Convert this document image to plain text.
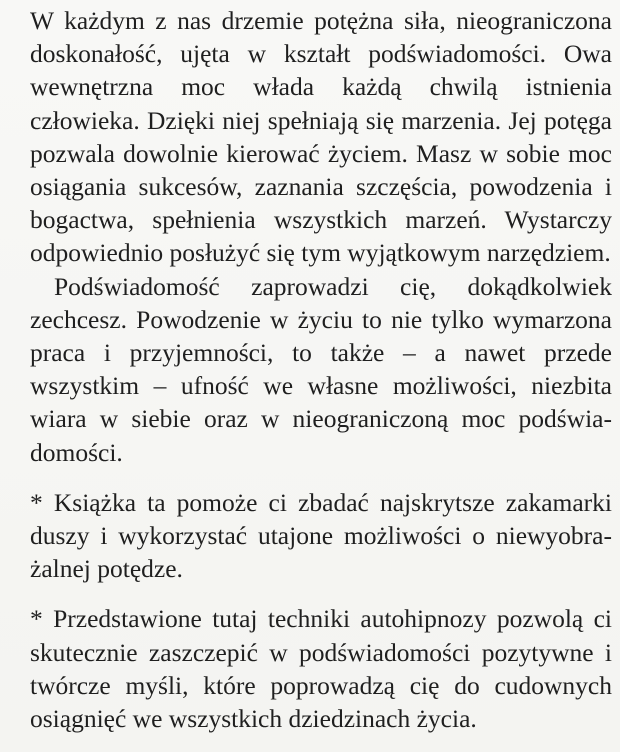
W każdym z nas drzemie potężna siła, nieograniczona doskonałość, ujęta w kształt podświadomości. Owa wewnętrzna moc włada każdą chwilą istnienia człowieka. Dzięki niej spełniają się marzenia. Jej potęga pozwala dowolnie kierować życiem. Masz w sobie moc osiągania sukcesów, zaznania szczęścia, powodzenia i bogactwa, spełnienia wszystkich marzeń. Wystarczy odpowiednio posłużyć się tym wyjątkowym narzędziem.

Podświadomość zaprowadzi cię, dokądkolwiek zechcesz. Powodzenie w życiu to nie tylko wymarzona praca i przyjemności, to także – a nawet przede wszystkim – ufność we własne możliwości, niezbita wiara w siebie oraz w nieograniczoną moc podświadomości.

* Książka ta pomoże ci zbadać najskrytsze zakamarki duszy i wykorzystać utajone możliwości o niewyobrażalnej potędze.

* Przedstawione tutaj techniki autohipnozy pozwolą ci skutecznie zaszczepić w podświadomości pozytywne i twórcze myśli, które poprowadzą cię do cudownych osiągnięć we wszystkich dziedzinach życia.
